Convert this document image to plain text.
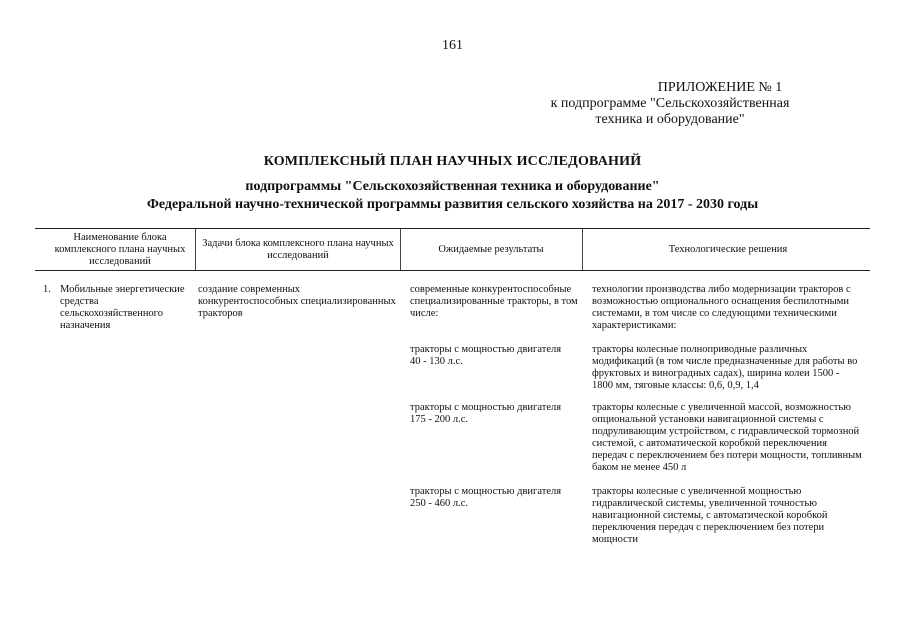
161
ПРИЛОЖЕНИЕ № 1
к подпрограмме "Сельскохозяйственная
техника и оборудование"
КОМПЛЕКСНЫЙ ПЛАН НАУЧНЫХ ИССЛЕДОВАНИЙ
подпрограммы "Сельскохозяйственная техника и оборудование"
Федеральной научно-технической программы развития сельского хозяйства на 2017 - 2030 годы
Наименование блока комплексного плана научных исследований
Задачи блока комплексного плана научных исследований
Ожидаемые результаты	Технологические решения
1. Мобильные энергетические средства сельскохозяйственного назначения
создание современных конкурентоспособных специализированных тракторов
современные конкурентоспособные специализированные тракторы, в том числе:
тракторы с мощностью двигателя 40 - 130 л.с.
тракторы с мощностью двигателя 175 - 200 л.с.
тракторы с мощностью двигателя 250 - 460 л.с.
технологии производства либо модернизации тракторов с возможностью опционального оснащения беспилотными системами, в том числе со следующими техническими характеристиками:
тракторы колесные полноприводные различных модификаций (в том числе предназначенные для работы во фруктовых и виноградных садах), ширина колеи 1500 - 1800 мм, тяговые классы: 0,6, 0,9, 1,4
тракторы колесные с увеличенной массой, возможностью опциональной установки навигационной системы с подруливающим устройством, с гидравлической тормозной системой, с автоматической коробкой переключения передач с переключением без потери мощности, топливным баком не менее 450 л
тракторы колесные с увеличенной мощностью гидравлической системы, увеличенной точностью навигационной системы, с автоматической коробкой переключения передач с переключением без потери мощности
